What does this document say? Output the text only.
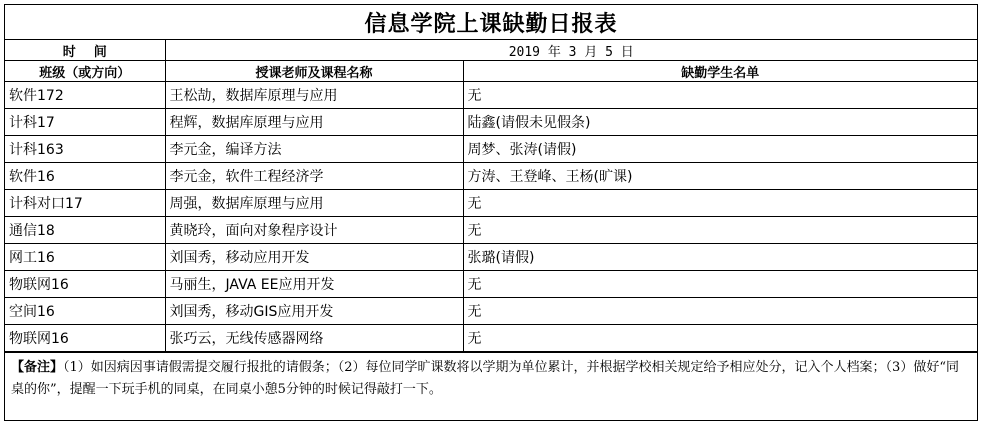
信息学院上课缺勤日报表
时    间	2019 年 3 月 5 日	
班级（或方向）	授课老师及课程名称	缺勤学生名单
软件172	王松劼，数据库原理与应用	无
计科17	程辉，数据库原理与应用	陆鑫(请假未见假条)
计科163	李元金，编译方法	周梦、张涛(请假)
软件16	李元金，软件工程经济学	方涛、王登峰、王杨(旷课)
计科对口17	周强，数据库原理与应用	无
通信18	黄晓玲，面向对象程序设计	无
网工16	刘国秀，移动应用开发	张璐(请假)
物联网16	马丽生，JAVA EE应用开发	无
空间16	刘国秀，移动GIS应用开发	无
物联网16	张巧云，无线传感器网络	无
【备注】（1）如因病因事请假需提交履行报批的请假条；（2）每位同学旷课数将以学期为单位累计，并根据学校相关规定给予相应处分，记入个人档案；（3）做好“同桌的你”，提醒一下玩手机的同桌，在同桌小憩5分钟的时候记得敲打一下。
